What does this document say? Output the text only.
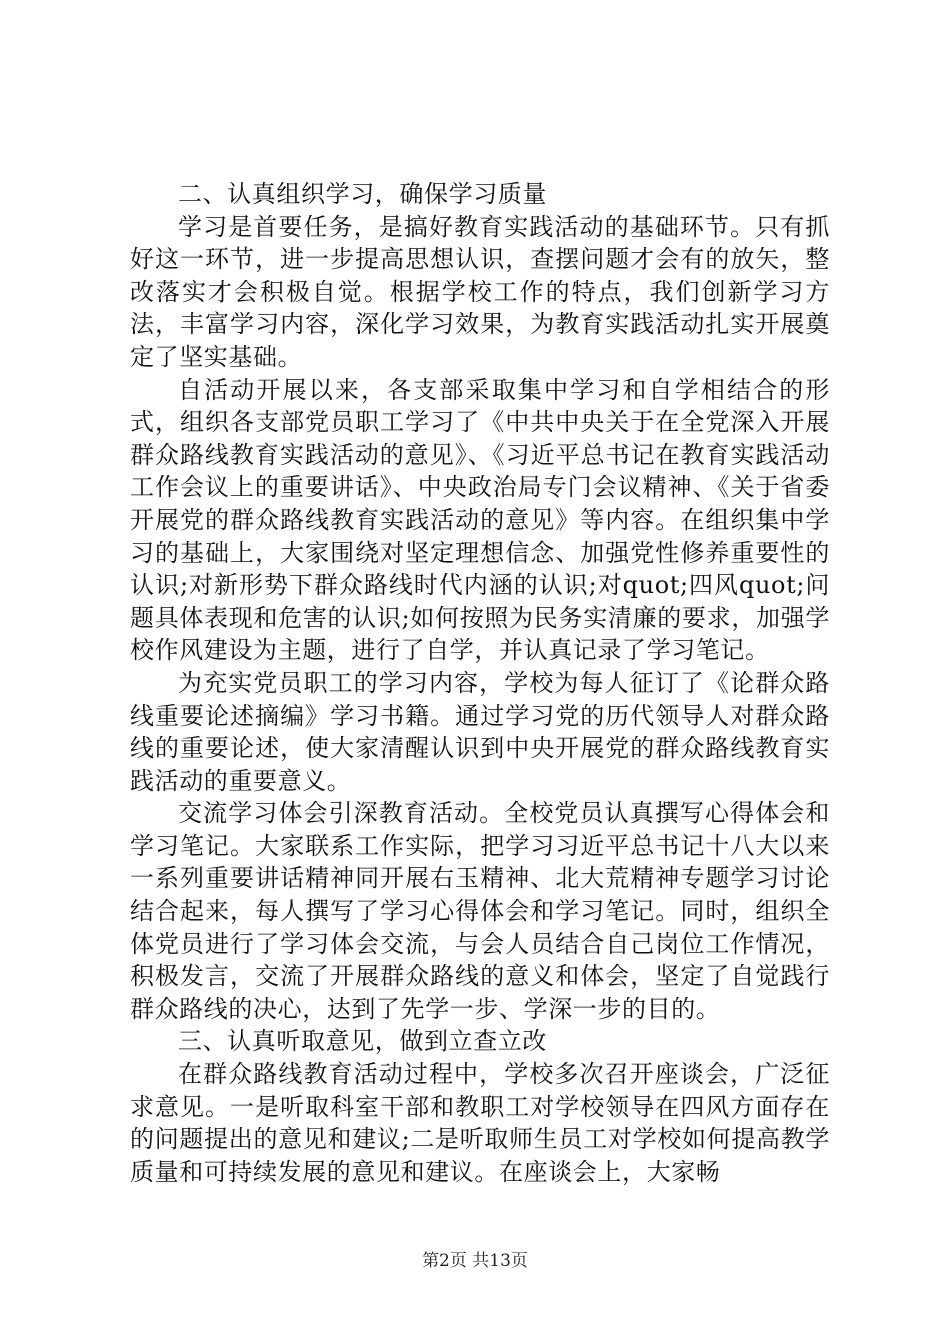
二、认真组织学习，确保学习质量

学习是首要任务，是搞好教育实践活动的基础环节。只有抓好这一环节，进一步提高思想认识，查摆问题才会有的放矢，整改落实才会积极自觉。根据学校工作的特点，我们创新学习方法，丰富学习内容，深化学习效果，为教育实践活动扎实开展奠定了坚实基础。

自活动开展以来，各支部采取集中学习和自学相结合的形式，组织各支部党员职工学习了《中共中央关于在全党深入开展群众路线教育实践活动的意见》、《习近平总书记在教育实践活动工作会议上的重要讲话》、中央政治局专门会议精神、《关于省委开展党的群众路线教育实践活动的意见》等内容。在组织集中学习的基础上，大家围绕对坚定理想信念、加强党性修养重要性的认识;对新形势下群众路线时代内涵的认识;对quot;四风quot;问题具体表现和危害的认识;如何按照为民务实清廉的要求，加强学校作风建设为主题，进行了自学，并认真记录了学习笔记。

为充实党员职工的学习内容，学校为每人征订了《论群众路线重要论述摘编》学习书籍。通过学习党的历代领导人对群众路线的重要论述，使大家清醒认识到中央开展党的群众路线教育实践活动的重要意义。

交流学习体会引深教育活动。全校党员认真撰写心得体会和学习笔记。大家联系工作实际，把学习习近平总书记十八大以来一系列重要讲话精神同开展右玉精神、北大荒精神专题学习讨论结合起来，每人撰写了学习心得体会和学习笔记。同时，组织全体党员进行了学习体会交流，与会人员结合自己岗位工作情况，积极发言，交流了开展群众路线的意义和体会，坚定了自觉践行群众路线的决心，达到了先学一步、学深一步的目的。

三、认真听取意见，做到立查立改

在群众路线教育活动过程中，学校多次召开座谈会，广泛征求意见。一是听取科室干部和教职工对学校领导在四风方面存在的问题提出的意见和建议;二是听取师生员工对学校如何提高教学质量和可持续发展的意见和建议。在座谈会上，大家畅

第2页 共13页
